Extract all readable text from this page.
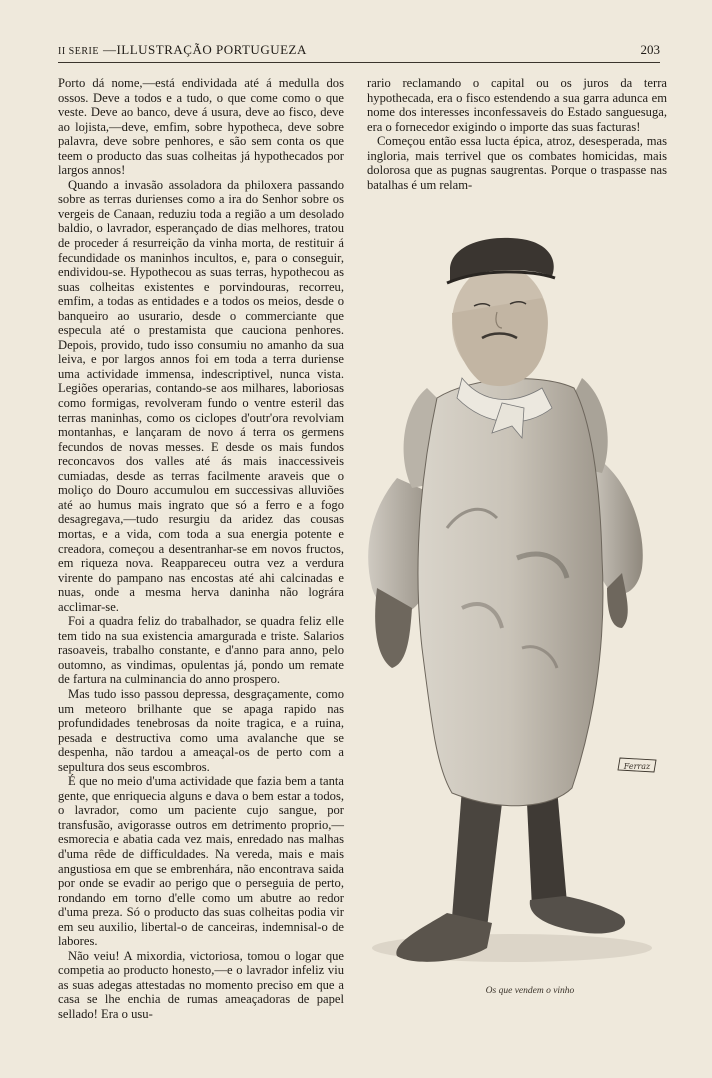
II SERIE —ILLUSTRAÇÃO PORTUGUEZA	203

Porto dá nome,—está endividada até á medulla dos ossos. Deve a todos e a tudo, o que come como o que veste. Deve ao banco, deve á usura, deve ao fisco, deve ao lojista,—deve, emfim, sobre hypotheca, deve sobre palavra, deve sobre penhores, e são sem conta os que teem o producto das suas colheitas já hypothecados por largos annos!

Quando a invasão assoladora da philoxera passando sobre as terras durienses como a ira do Senhor sobre os vergeis de Canaan, reduziu toda a região a um desolado baldio, o lavrador, esperançado de dias melhores, tratou de proceder á resurreição da vinha morta, de restituir á fecundidade os maninhos incultos, e, para o conseguir, endividou-se. Hypothecou as suas terras, hypothecou as suas colheitas existentes e porvindouras, recorreu, emfim, a todas as entidades e a todos os meios, desde o banqueiro ao usurario, desde o commerciante que especula até o prestamista que cauciona penhores. Depois, provido, tudo isso consumiu no amanho da sua leiva, e por largos annos foi em toda a terra duriense uma actividade immensa, indescriptivel, nunca vista. Legiões operarias, contando-se aos milhares, laboriosas como formigas, revolveram fundo o ventre esteril das terras maninhas, como os ciclopes d'outr'ora revolviam montanhas, e lançaram de novo á terra os germens fecundos de novas messes. E desde os mais fundos reconcavos dos valles até ás mais inaccessiveis cumiadas, desde as terras facilmente araveis que o moliço do Douro accumulou em successivas alluviões até ao humus mais ingrato que só a ferro e a fogo desagregava,—tudo resurgiu da aridez das cousas mortas, e a vida, com toda a sua energia potente e creadora, começou a desentranhar-se em novos fructos, em riqueza nova. Reappareceu outra vez a verdura virente do pampano nas encostas até ahi calcinadas e nuas, onde a mesma herva daninha não lográra acclimar-se.

Foi a quadra feliz do trabalhador, se quadra feliz elle tem tido na sua existencia amargurada e triste. Salarios rasoaveis, trabalho constante, e d'anno para anno, pelo outomno, as vindimas, opulentas já, pondo um remate de fartura na culminancia do anno prospero.

Mas tudo isso passou depressa, desgraçamente, como um meteoro brilhante que se apaga rapido nas profundidades tenebrosas da noite tragica, e a ruina, pesada e destructiva como uma avalanche que se despenha, não tardou a ameaçal-os de perto com a sepultura dos seus escombros.

É que no meio d'uma actividade que fazia bem a tanta gente, que enriquecia alguns e dava o bem estar a todos, o lavrador, como um paciente cujo sangue, por transfusão, avigorasse outros em detrimento proprio,—esmorecia e abatia cada vez mais, enredado nas malhas d'uma rêde de difficuldades. Na vereda, mais e mais angustiosa em que se embrenhára, não encontrava saida por onde se evadir ao perigo que o perseguia de perto, rondando em torno d'elle como um abutre ao redor d'uma preza. Só o producto das suas colheitas podia vir em seu auxilio, libertal-o de canceiras, indemnisal-o de labores.

Não veiu! A mixordia, victoriosa, tomou o logar que competia ao producto honesto,—e o lavrador infeliz viu as suas adegas attestadas no momento preciso em que a casa se lhe enchia de rumas ameaçadoras de papel sellado! Era o usu-

rario reclamando o capital ou os juros da terra hypothecada, era o fisco estendendo a sua garra adunca em nome dos interesses inconfessaveis do Estado sanguesuga, era o fornecedor exigindo o importe das suas facturas!

Começou então essa lucta épica, atroz, desesperada, mas ingloria, mais terrivel que os combates homicidas, mais dolorosa que as pugnas saugrentas. Porque o traspasse nas batalhas é um relam-

Ferraz
Os que vendem o vinho
